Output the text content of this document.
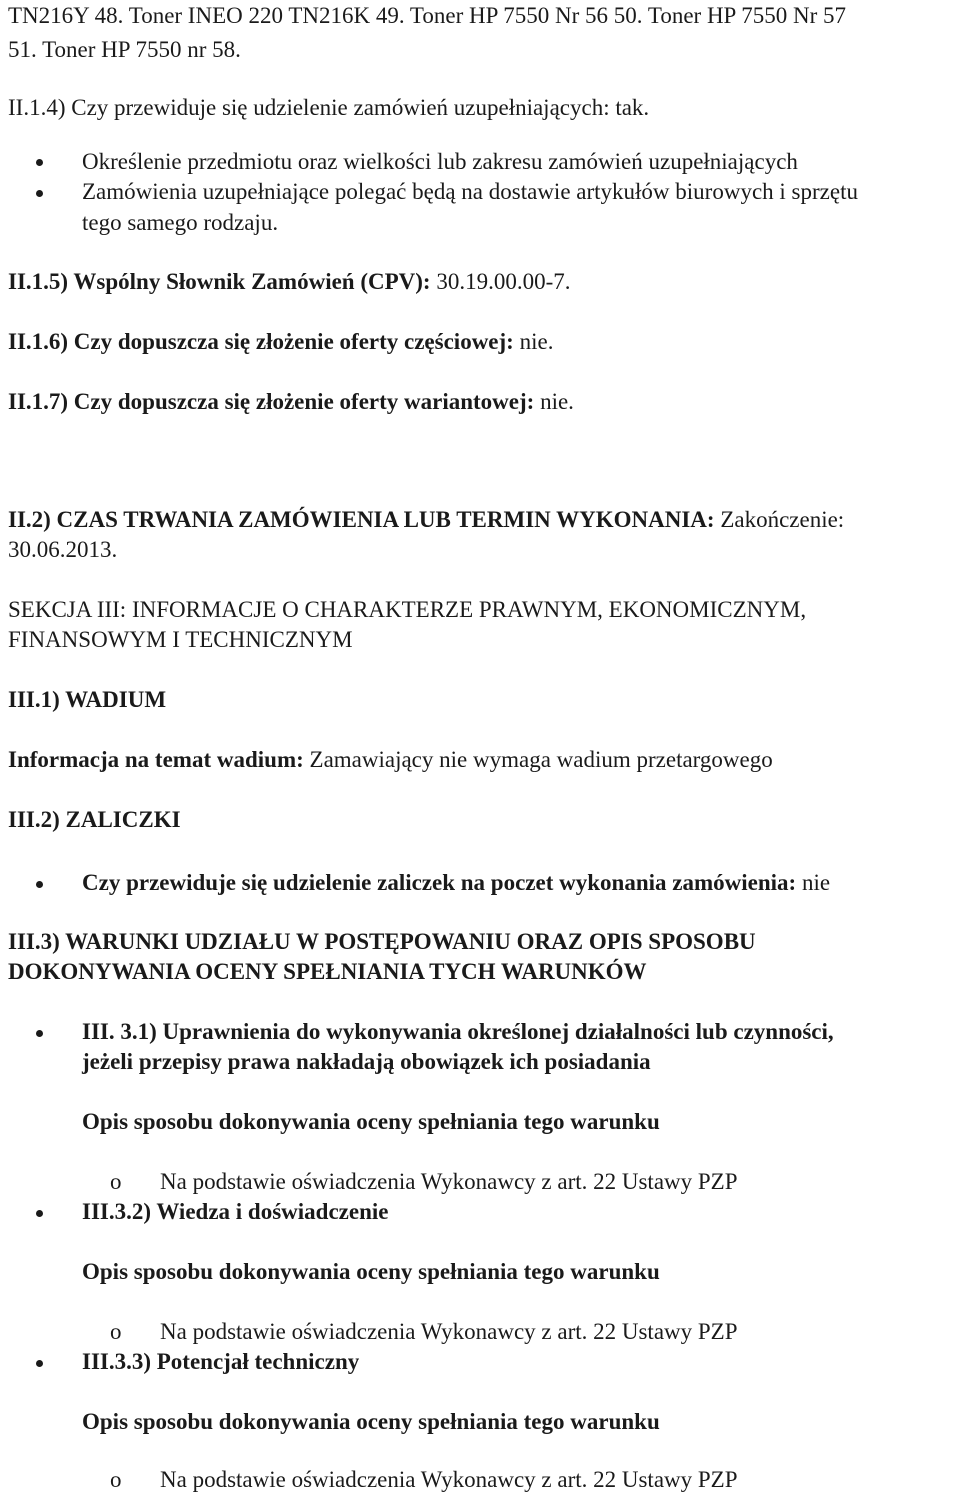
TN216Y 48. Toner INEO 220 TN216K 49. Toner HP 7550 Nr 56 50. Toner HP 7550 Nr 57
51. Toner HP 7550 nr 58.
II.1.4) Czy przewiduje się udzielenie zamówień uzupełniających: tak.
Określenie przedmiotu oraz wielkości lub zakresu zamówień uzupełniających
Zamówienia uzupełniające polegać będą na dostawie artykułów biurowych i sprzętu
tego samego rodzaju.
II.1.5) Wspólny Słownik Zamówień (CPV): 30.19.00.00-7.
II.1.6) Czy dopuszcza się złożenie oferty częściowej: nie.
II.1.7) Czy dopuszcza się złożenie oferty wariantowej: nie.
II.2) CZAS TRWANIA ZAMÓWIENIA LUB TERMIN WYKONANIA: Zakończenie:
30.06.2013.
SEKCJA III: INFORMACJE O CHARAKTERZE PRAWNYM, EKONOMICZNYM,
FINANSOWYM I TECHNICZNYM
III.1) WADIUM
Informacja na temat wadium: Zamawiający nie wymaga wadium przetargowego
III.2) ZALICZKI
Czy przewiduje się udzielenie zaliczek na poczet wykonania zamówienia: nie
III.3) WARUNKI UDZIAŁU W POSTĘPOWANIU ORAZ OPIS SPOSOBU
DOKONYWANIA OCENY SPEŁNIANIA TYCH WARUNKÓW
III. 3.1) Uprawnienia do wykonywania określonej działalności lub czynności,
jeżeli przepisy prawa nakładają obowiązek ich posiadania
Opis sposobu dokonywania oceny spełniania tego warunku
o Na podstawie oświadczenia Wykonawcy z art. 22 Ustawy PZP
III.3.2) Wiedza i doświadczenie
Opis sposobu dokonywania oceny spełniania tego warunku
o Na podstawie oświadczenia Wykonawcy z art. 22 Ustawy PZP
III.3.3) Potencjał techniczny
Opis sposobu dokonywania oceny spełniania tego warunku
o Na podstawie oświadczenia Wykonawcy z art. 22 Ustawy PZP
